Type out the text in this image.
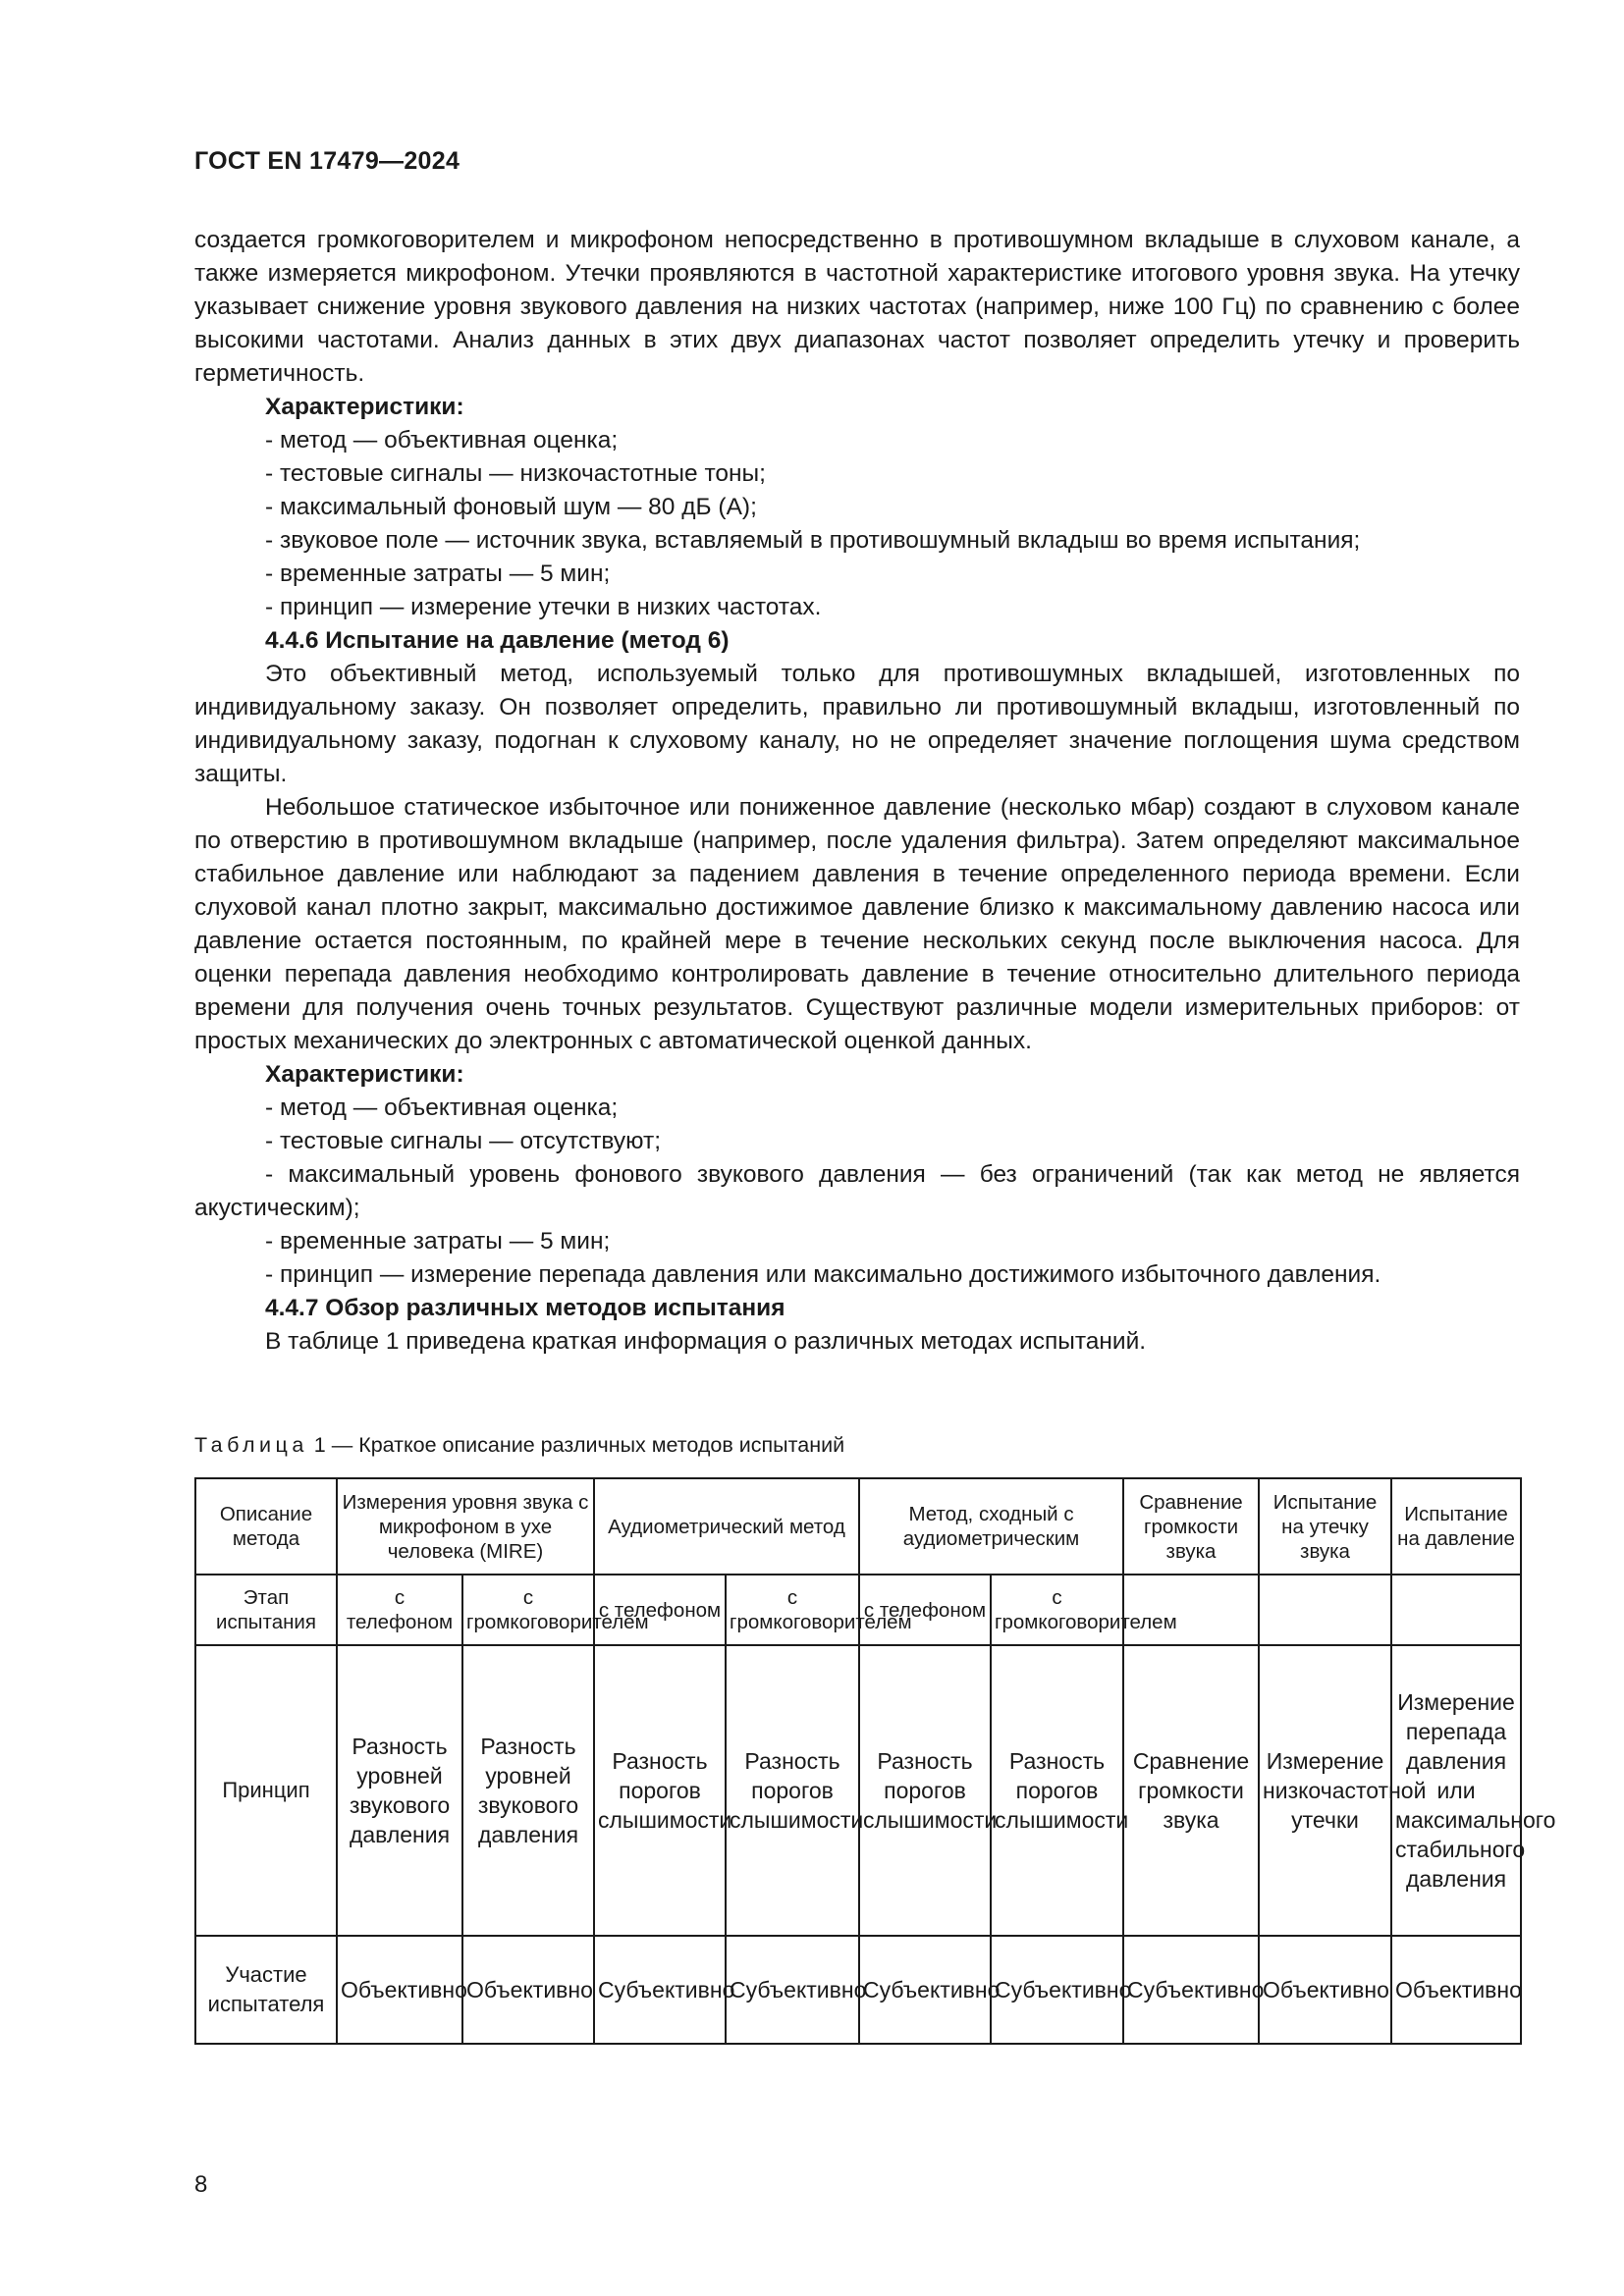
ГОСТ EN 17479—2024

создается громкоговорителем и микрофоном непосредственно в противошумном вкладыше в слуховом канале, а также измеряется микрофоном. Утечки проявляются в частотной характеристике итогового уровня звука. На утечку указывает снижение уровня звукового давления на низких частотах (например, ниже 100 Гц) по сравнению с более высокими частотами. Анализ данных в этих двух диапазонах частот позволяет определить утечку и проверить герметичность.

Характеристики:

- метод — объективная оценка;

- тестовые сигналы — низкочастотные тоны;

- максимальный фоновый шум — 80 дБ (А);

- звуковое поле — источник звука, вставляемый в противошумный вкладыш во время испытания;

- временные затраты — 5 мин;

- принцип — измерение утечки в низких частотах.

4.4.6 Испытание на давление (метод 6)

Это объективный метод, используемый только для противошумных вкладышей, изготовленных по индивидуальному заказу. Он позволяет определить, правильно ли противошумный вкладыш, изготовленный по индивидуальному заказу, подогнан к слуховому каналу, но не определяет значение поглощения шума средством защиты.

Небольшое статическое избыточное или пониженное давление (несколько мбар) создают в слуховом канале по отверстию в противошумном вкладыше (например, после удаления фильтра). Затем определяют максимальное стабильное давление или наблюдают за падением давления в течение определенного периода времени. Если слуховой канал плотно закрыт, максимально достижимое давление близко к максимальному давлению насоса или давление остается постоянным, по крайней мере в течение нескольких секунд после выключения насоса. Для оценки перепада давления необходимо контролировать давление в течение относительно длительного периода времени для получения очень точных результатов. Существуют различные модели измерительных приборов: от простых механических до электронных с автоматической оценкой данных.

Характеристики:

- метод — объективная оценка;

- тестовые сигналы — отсутствуют;

- максимальный уровень фонового звукового давления — без ограничений (так как метод не является акустическим);

- временные затраты — 5 мин;

- принцип — измерение перепада давления или максимально достижимого избыточного давления.

4.4.7 Обзор различных методов испытания

В таблице 1 приведена краткая информация о различных методах испытаний.

Таблица 1 — Краткое описание различных методов испытаний
Описание метода	Измерения уровня звука с микрофоном в ухе человека (MIRE)		Аудиометрический метод		Метод, сходный с аудиометрическим		Сравнение громкости звука	Испытание на утечку звука	Испытание на давление
Этап испытания	с телефоном	с громкоговорителем	с телефоном	с громкоговорителем	с телефоном	с громкоговорителем			
Принцип	Разность уровней звукового давления	Разность уровней звукового давления	Разность порогов слышимости	Разность порогов слышимости	Разность порогов слышимости	Разность порогов слышимости	Сравнение громкости звука	Измерение низкочастотной утечки	Измерение перепада давления или максимального стабильного давления
Участие испытателя	Объективно	Объективно	Субъективно	Субъективно	Субъективно	Субъективно	Субъективно	Объективно	Объективно
8
